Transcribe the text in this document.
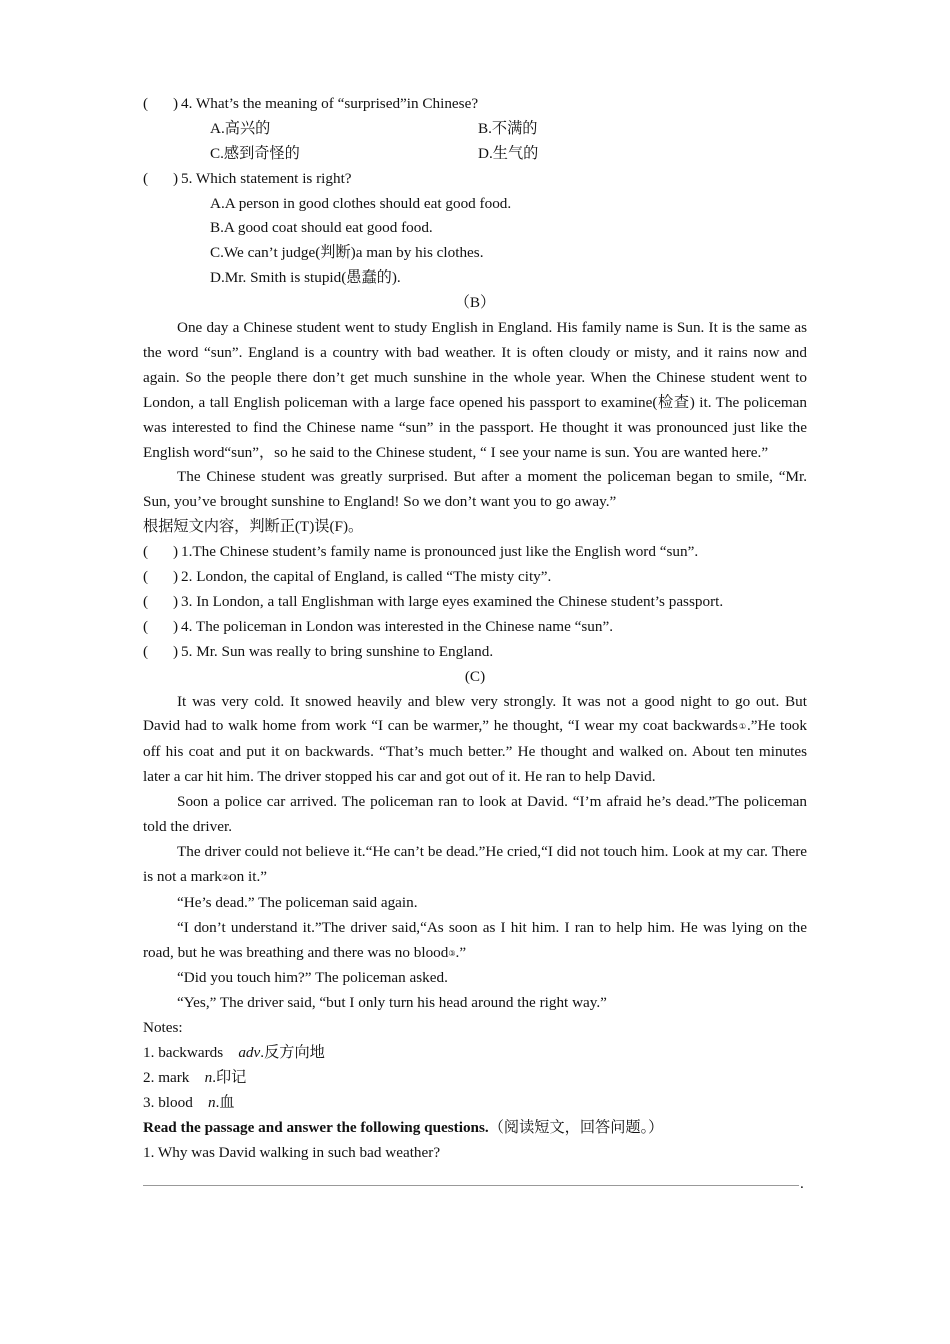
( ) 4. What’s the meaning of “surprised”in Chinese?
A.高兴的	B.不满的
C.感到奇怪的	D.生气的
( ) 5. Which statement is right?
A.A person in good clothes should eat good food.
B.A good coat should eat good food.
C.We can’t judge(判断)a man by his clothes.
D.Mr. Smith is stupid(愚蠢的).
（B）
One day a Chinese student went to study English in England. His family name is Sun. It is the same as the word “sun”. England is a country with bad weather. It is often cloudy or misty, and it rains now and again. So the people there don’t get much sunshine in the whole year. When the Chinese student went to London, a tall English policeman with a large face opened his passport to examine(检查) it. The policeman was interested to find the Chinese name “sun” in the passport. He thought it was pronounced just like the English word“sun”，so he said to the Chinese student, “ I see your name is sun. You are wanted here.”
The Chinese student was greatly surprised. But after a moment the policeman began to smile, “Mr. Sun, you’ve brought sunshine to England! So we don’t want you to go away.”
根据短文内容，判断正(T)误(F)。
( ) 1.The Chinese student’s family name is pronounced just like the English word “sun”.
( ) 2. London, the capital of England, is called “The misty city”.
( ) 3. In London, a tall Englishman with large eyes examined the Chinese student’s passport.
( ) 4. The policeman in London was interested in the Chinese name “sun”.
( ) 5. Mr. Sun was really to bring sunshine to England.
(C)
It was very cold. It snowed heavily and blew very strongly. It was not a good night to go out. But David had to walk home from work “I can be warmer,” he thought, “I wear my coat backwards①.”He took off his coat and put it on backwards. “That’s much better.” He thought and walked on. About ten minutes later a car hit him. The driver stopped his car and got out of it. He ran to help David.
Soon a police car arrived. The policeman ran to look at David. “I’m afraid he’s dead.”The policeman told the driver.
The driver could not believe it.“He can’t be dead.”He cried,“I did not touch him. Look at my car. There is not a mark②on it.”
“He’s dead.” The policeman said again.
“I don’t understand it.”The driver said,“As soon as I hit him. I ran to help him. He was lying on the road, but he was breathing and there was no blood③.”
“Did you touch him?” The policeman asked.
“Yes,” The driver said, “but I only turn his head around the right way.”
Notes:
1. backwards adv.反方向地
2. mark n.印记
3. blood n.血
Read the passage and answer the following questions.（阅读短文，回答问题。）
1. Why was David walking in such bad weather?
.
